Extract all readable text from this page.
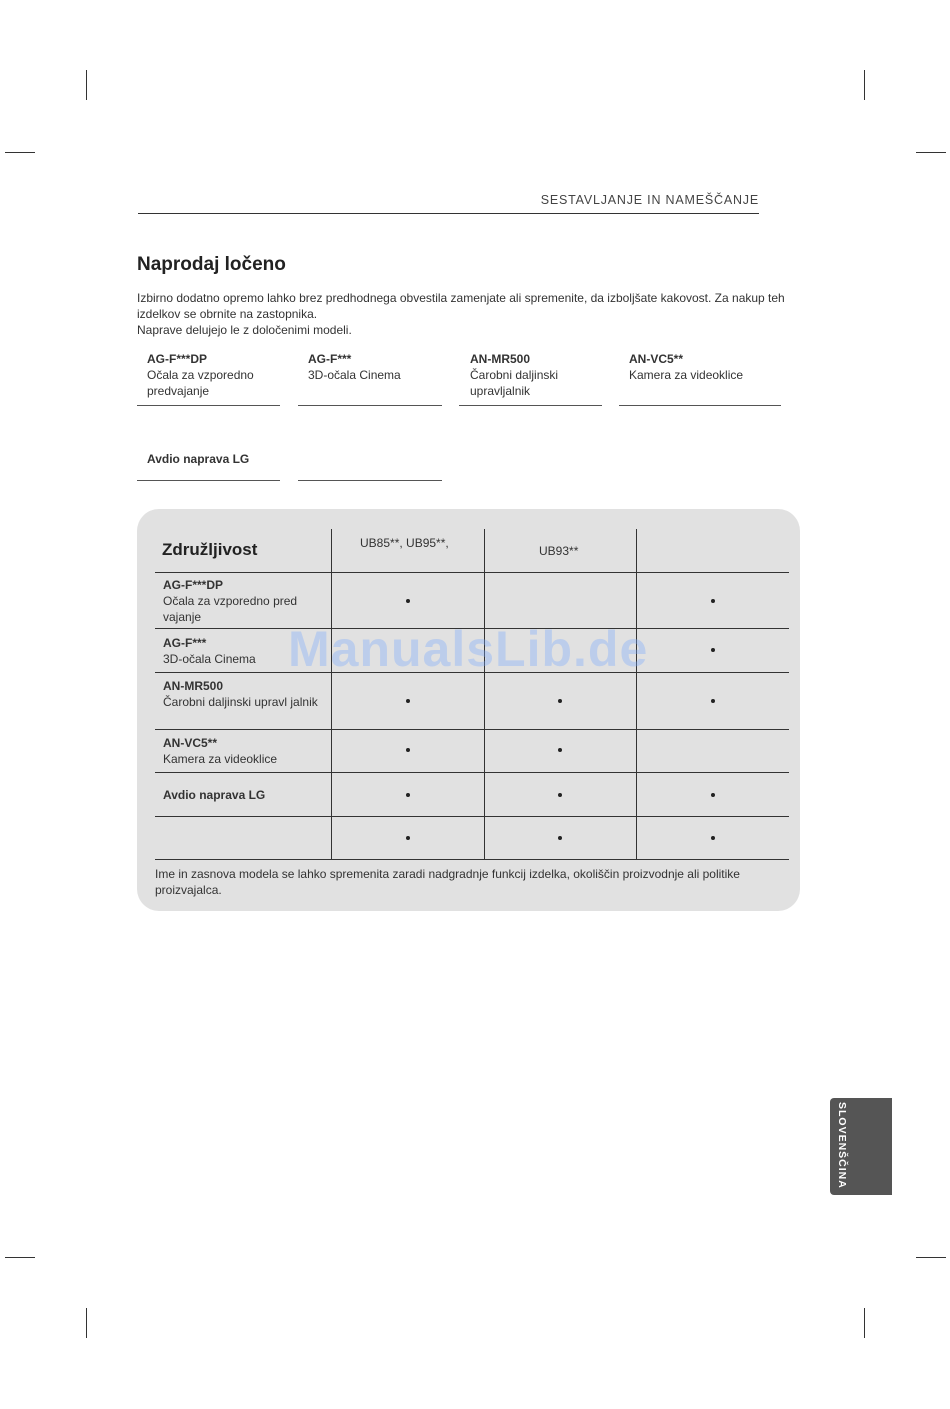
SESTAVLJANJE IN NAMEŠČANJE
Naprodaj ločeno

Izbirno dodatno opremo lahko brez predhodnega obvestila zamenjate ali spremenite, da izboljšate kakovost. Za nakup teh izdelkov se obrnite na zastopnika.

Naprave delujejo le z določenimi modeli.

AG-F***DP
Očala za vzporedno predvajanje
AG-F***
3D-očala Cinema
AN-MR500
Čarobni daljinski upravljalnik
AN-VC5**
Kamera za videoklice
Avdio naprava LG
Združljivost	UB85**, UB95**,
UB93**
AG-F***DP
Očala za vzporedno pred vajanje
AG-F***
3D-očala Cinema
AN-MR500
Čarobni daljinski upravl jalnik
AN-VC5**
Kamera za videoklice
Avdio naprava LG
Ime in zasnova modela se lahko spremenita zaradi nadgradnje funkcij izdelka, okoliščin proizvodnje ali politike proizvajalca.
ManualsLib.de
SLOVENŠČINA
